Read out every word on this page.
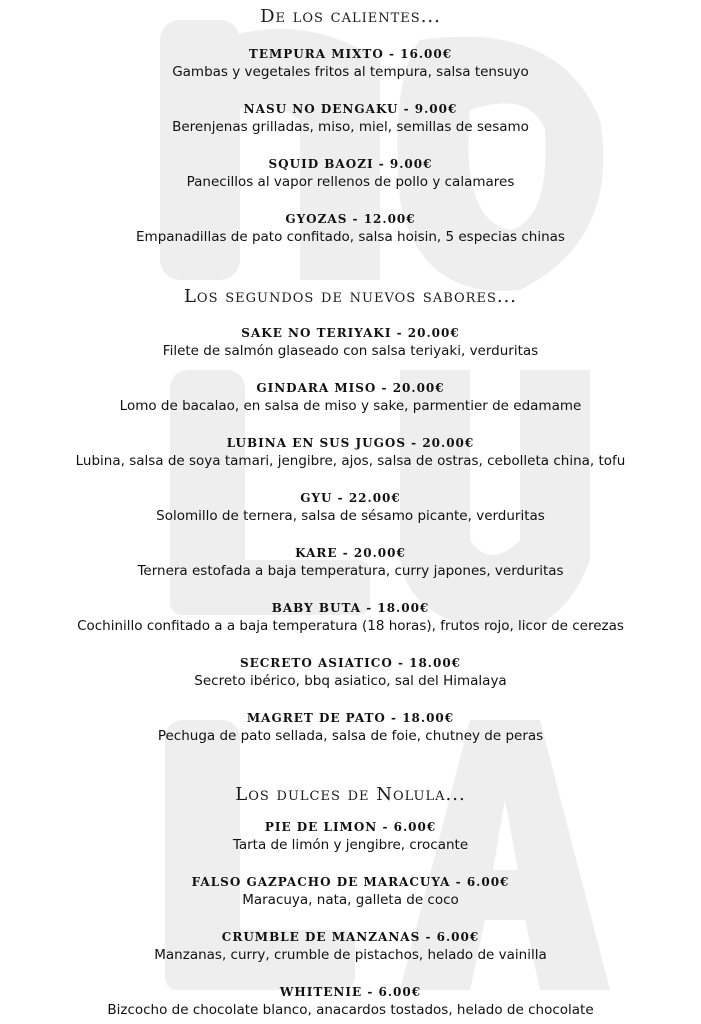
De los calientes...
TEMPURA MIXTO - 16.00€
Gambas y vegetales fritos al tempura, salsa tensuyo
NASU NO DENGAKU - 9.00€
Berenjenas grilladas, miso, miel, semillas de sesamo
SQUID BAOZI - 9.00€
Panecillos al vapor rellenos de pollo y calamares
GYOZAS - 12.00€
Empanadillas de pato confitado, salsa hoisin, 5 especias chinas
Los segundos de nuevos sabores...
SAKE NO TERIYAKI - 20.00€
Filete de salmón glaseado con salsa teriyaki, verduritas
GINDARA MISO - 20.00€
Lomo de bacalao, en salsa de miso y sake, parmentier de edamame
LUBINA EN SUS JUGOS - 20.00€
Lubina, salsa de soya tamari, jengibre, ajos, salsa de ostras, cebolleta china, tofu
GYU - 22.00€
Solomillo de ternera, salsa de sésamo picante, verduritas
KARE - 20.00€
Ternera estofada a baja temperatura, curry japones, verduritas
BABY BUTA - 18.00€
Cochinillo confitado a a baja temperatura (18 horas), frutos rojo, licor de cerezas
SECRETO ASIATICO - 18.00€
Secreto ibérico, bbq asiatico, sal del Himalaya
MAGRET DE PATO - 18.00€
Pechuga de pato sellada, salsa de foie, chutney de peras
Los dulces de Nolula...
PIE DE LIMON - 6.00€
Tarta de limón y jengibre, crocante
FALSO GAZPACHO DE MARACUYA - 6.00€
Maracuya, nata, galleta de coco
CRUMBLE DE MANZANAS - 6.00€
Manzanas, curry, crumble de pistachos, helado de vainilla
WHITENIE - 6.00€
Bizcocho de chocolate blanco, anacardos tostados, helado de chocolate
